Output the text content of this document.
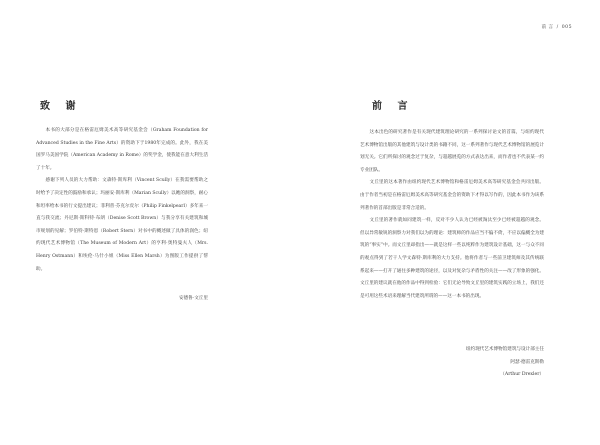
致 谢

本书的大部分是在格雷厄姆美术高等研究基金会（Graham Foundation for Advanced Studies in the Fine Arts）的资助下于1980年完成的。此外，我在美国罗马美国学院（American Academy in Rome）的奖学金，使我能在意大利生活了十年。

感谢下列人员的大力帮助：文森特·斯库利（Vincent Scully）在我需要帮助之时给予了决定性的鼓励和承认；玛丽安·斯库利（Marian Scully）以她的洞察，耐心和坦率给本书的行文提出建议；菲利普·芬克尔皮尔（Philip Finkelpearl）多年来一直与我交流；丹尼斯·斯科特·布朗（Denise Scott Brown）与我分享有关建筑和城市规划的见解；罗伯特·斯特恩（Robert Stern）对书中的概述做了具体的润色；纽约现代艺术博物馆（The Museum of Modern Art）的亨利·奥特曼夫人（Mrs. Henry Ostmann）和埃伦·马什小姐（Miss Ellen Marsh）为图版工作提供了帮助。

安德鲁·文丘里
前 言 / 005
前 言

这本出色的研究著作是有关现代建筑理论研究的一系列探讨论文的首篇，与纽约现代艺术博物馆出版的其他建筑与设计类的书籍不同，这一系列著作与现代艺术博物馆的展览计划无关。它们所探讨的观念过于复杂，与超越展览的方式表达出来，而作者也不代表某一约专业团队。

文丘里的这本著作由纽约现代艺术博物馆和格雷厄姆美术高等研究基金会共同出版。由于作者当初是在格雷厄姆美术高等研究基金会的资助下才得以写作的，因此本书作为该系列著作的首部出版是非常合适的。

文丘里的著作就如同建筑一样，反对不少人认为已经被淘汰至少已经被超越的观念。但以异常敏锐的洞察力对我们以为的理论：建筑师的作品应当不偏不倚，不应以偏概全为建筑的“事实”中。而文丘里却指出——就是这样一些以纯粹作为建筑设计基础，这一与众不同的观点得到了若干人学文森特·斯库利的大力支持。他将作者与一些前卫建筑师及其传统联系起来——打开了通往多种建筑的途径，以及对复杂与矛盾性的关注——改了形象的强化。文丘里的建议就在他的作品中得到检验：它们无论导致文丘里的建筑实践的立场上，我们还是可用这些术语来理解当代建筑所谓的——这一本书的出现。

纽约现代艺术博物馆建筑与设计部主任
阿瑟·德雷克斯勒
（Arthur Drexler）
